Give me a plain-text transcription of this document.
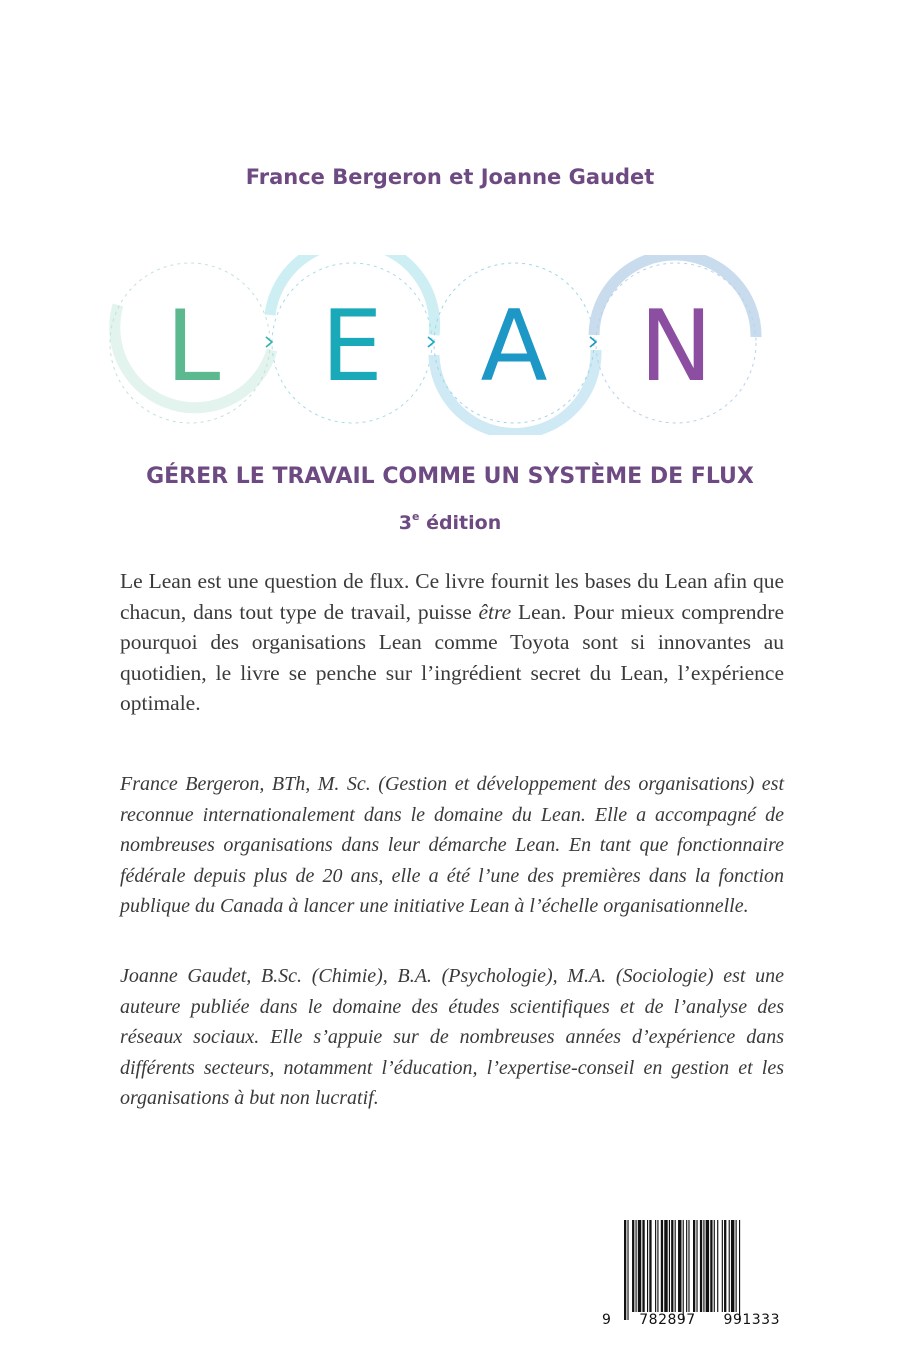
France Bergeron et Joanne Gaudet
L E A N
GÉRER LE TRAVAIL COMME UN SYSTÈME DE FLUX
3e édition

Le Lean est une question de flux. Ce livre fournit les bases du Lean afin que chacun, dans tout type de travail, puisse être Lean. Pour mieux comprendre pourquoi des organisations Lean comme Toyota sont si innovantes au quotidien, le livre se penche sur l’ingrédient secret du Lean, l’expérience optimale.

France Bergeron, BTh, M. Sc. (Gestion et développement des organisations) est reconnue internationalement dans le domaine du Lean. Elle a accompagné de nombreuses organisations dans leur démarche Lean. En tant que fonctionnaire fédérale depuis plus de 20 ans, elle a été l’une des premières dans la fonction publique du Canada à lancer une initiative Lean à l’échelle organisationnelle.

Joanne Gaudet, B.Sc. (Chimie), B.A. (Psychologie), M.A. (Sociologie) est une auteure publiée dans le domaine des études scientifiques et de l’analyse des réseaux sociaux. Elle s’appuie sur de nombreuses années d’expérience dans différents secteurs, notamment l’éducation, l’expertise-conseil en gestion et les organisations à but non lucratif.

9 782897 991333
